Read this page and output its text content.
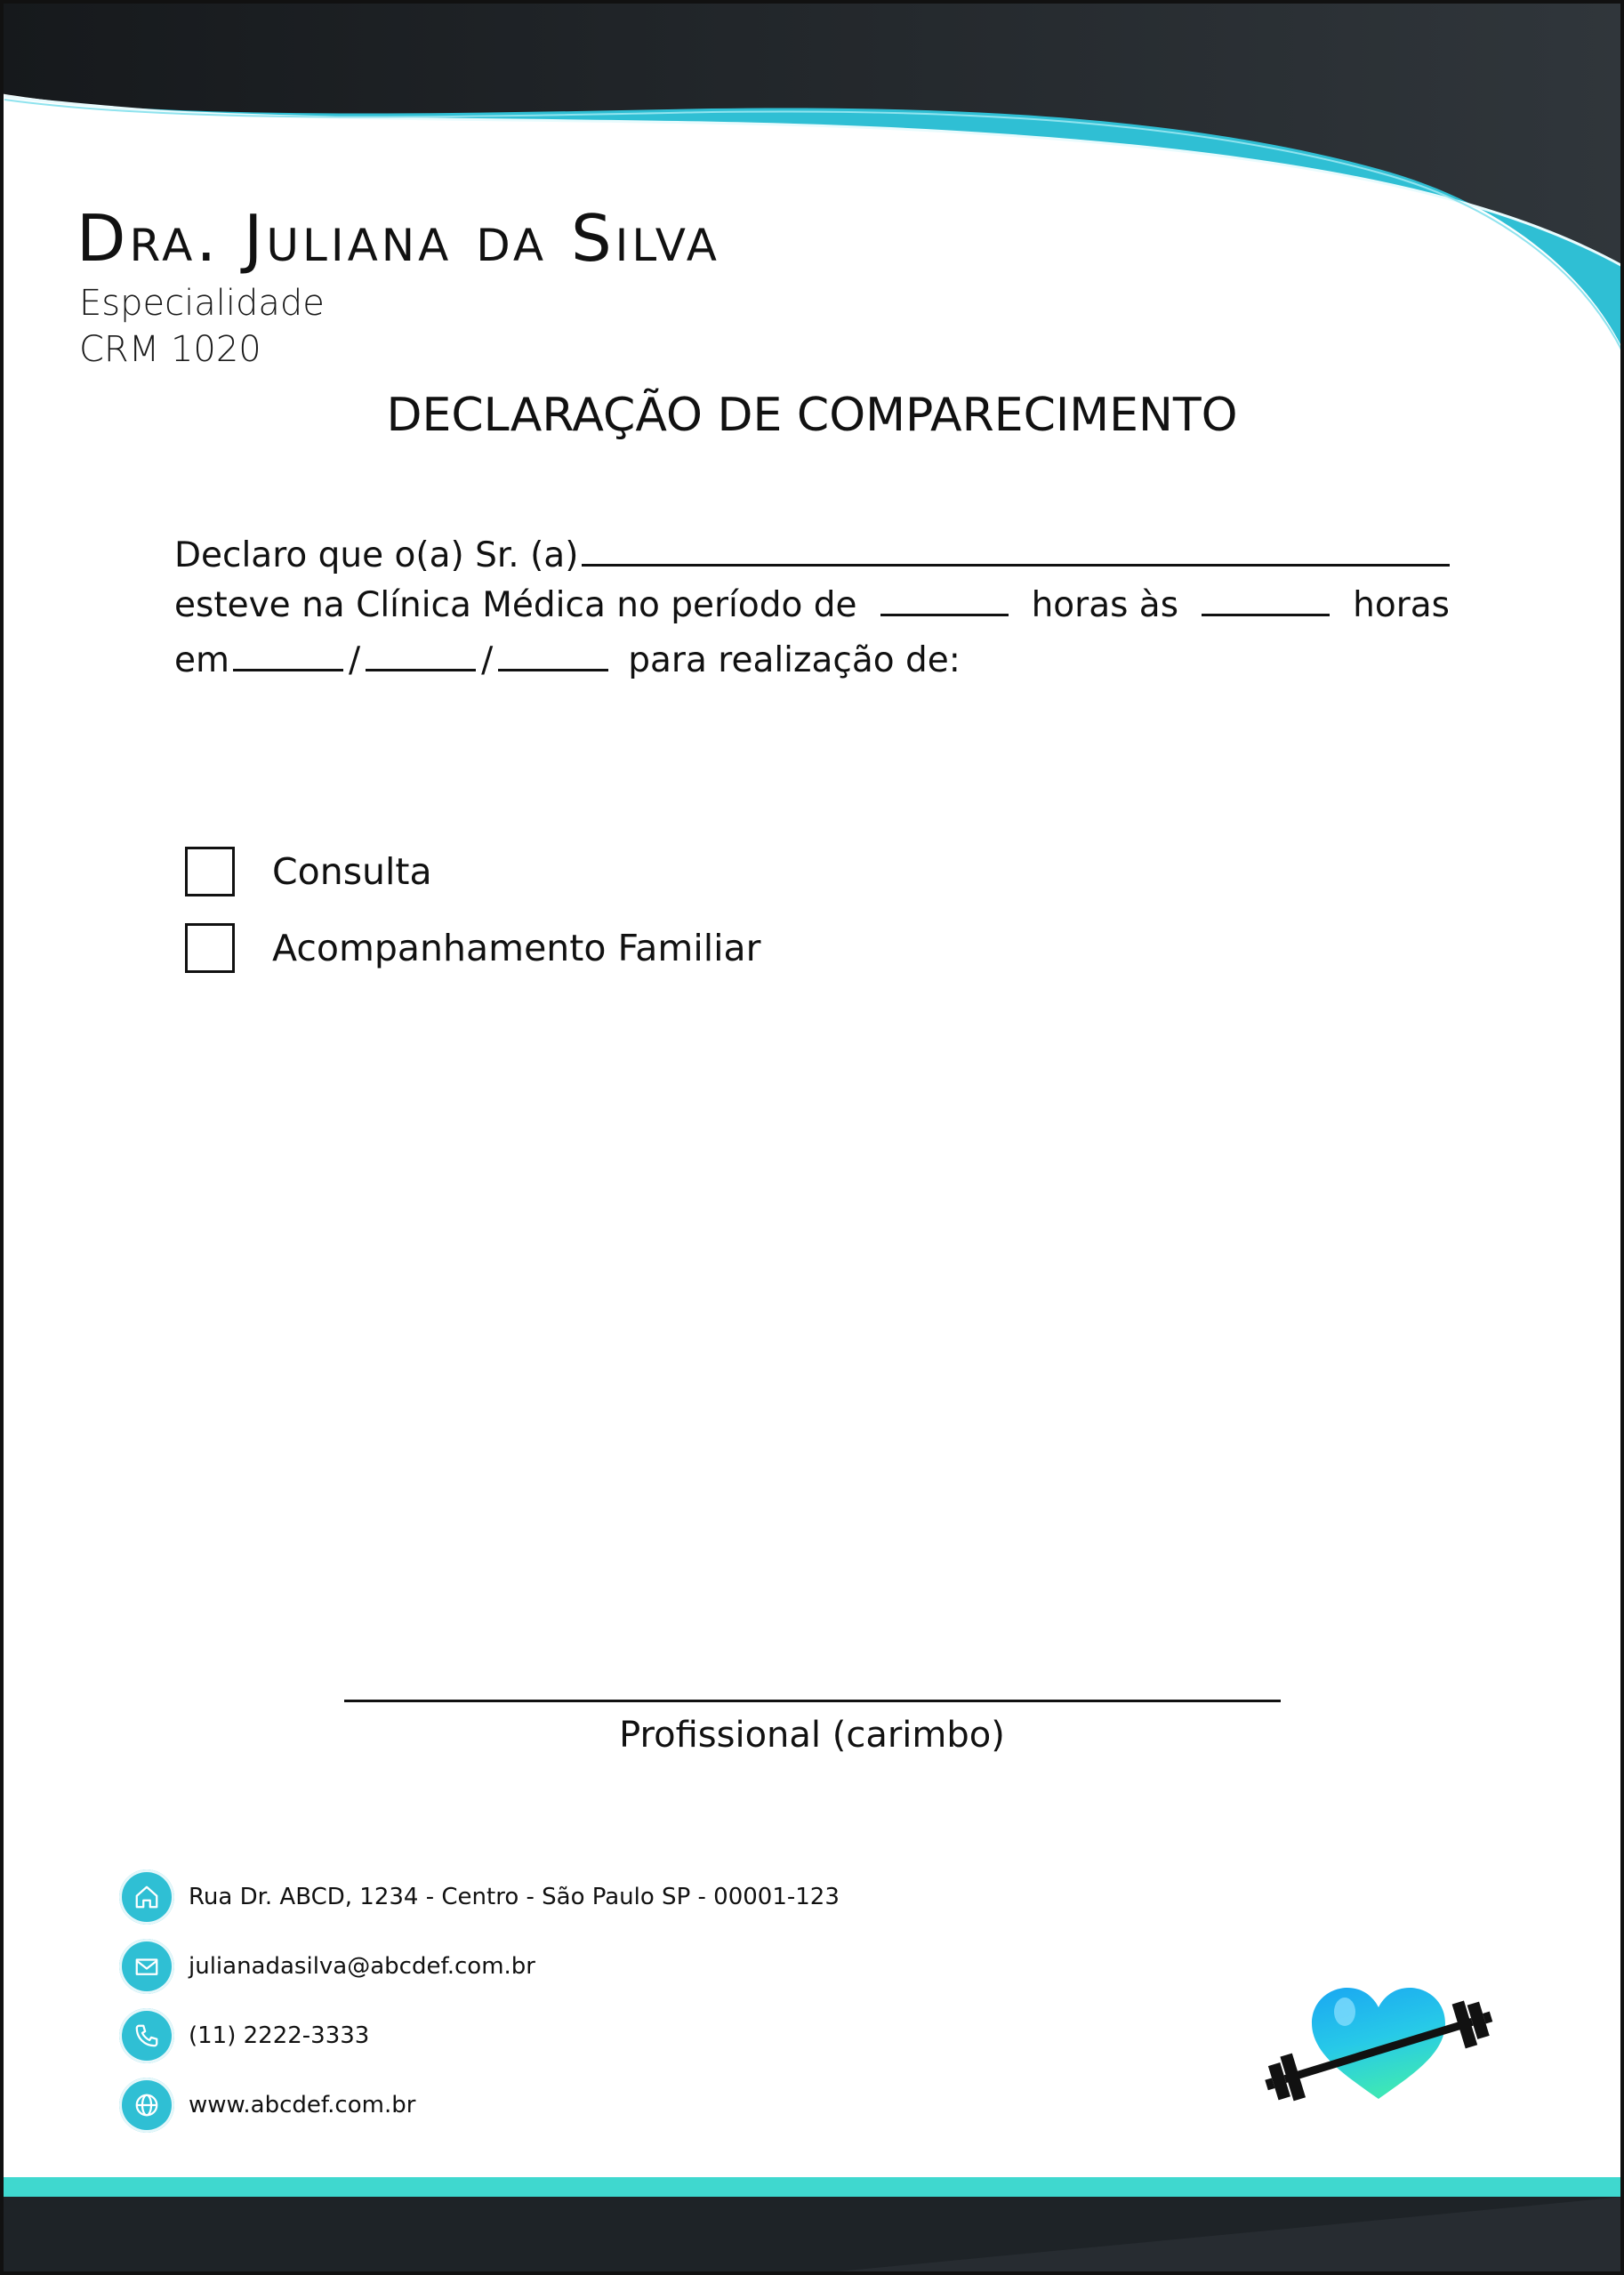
Dra. Juliana da Silva
Especialidade
CRM 1020
DECLARAÇÃO DE COMPARECIMENTO
Declaro que o(a) Sr. (a)
esteve na Clínica Médica no período de	horas às	horas
em	/	/	para realização de:
Consulta
Acompanhamento Familiar
Profissional (carimbo)
Rua Dr. ABCD, 1234 - Centro - São Paulo SP - 00001-123
julianadasilva@abcdef.com.br
(11) 2222-3333
www.abcdef.com.br
